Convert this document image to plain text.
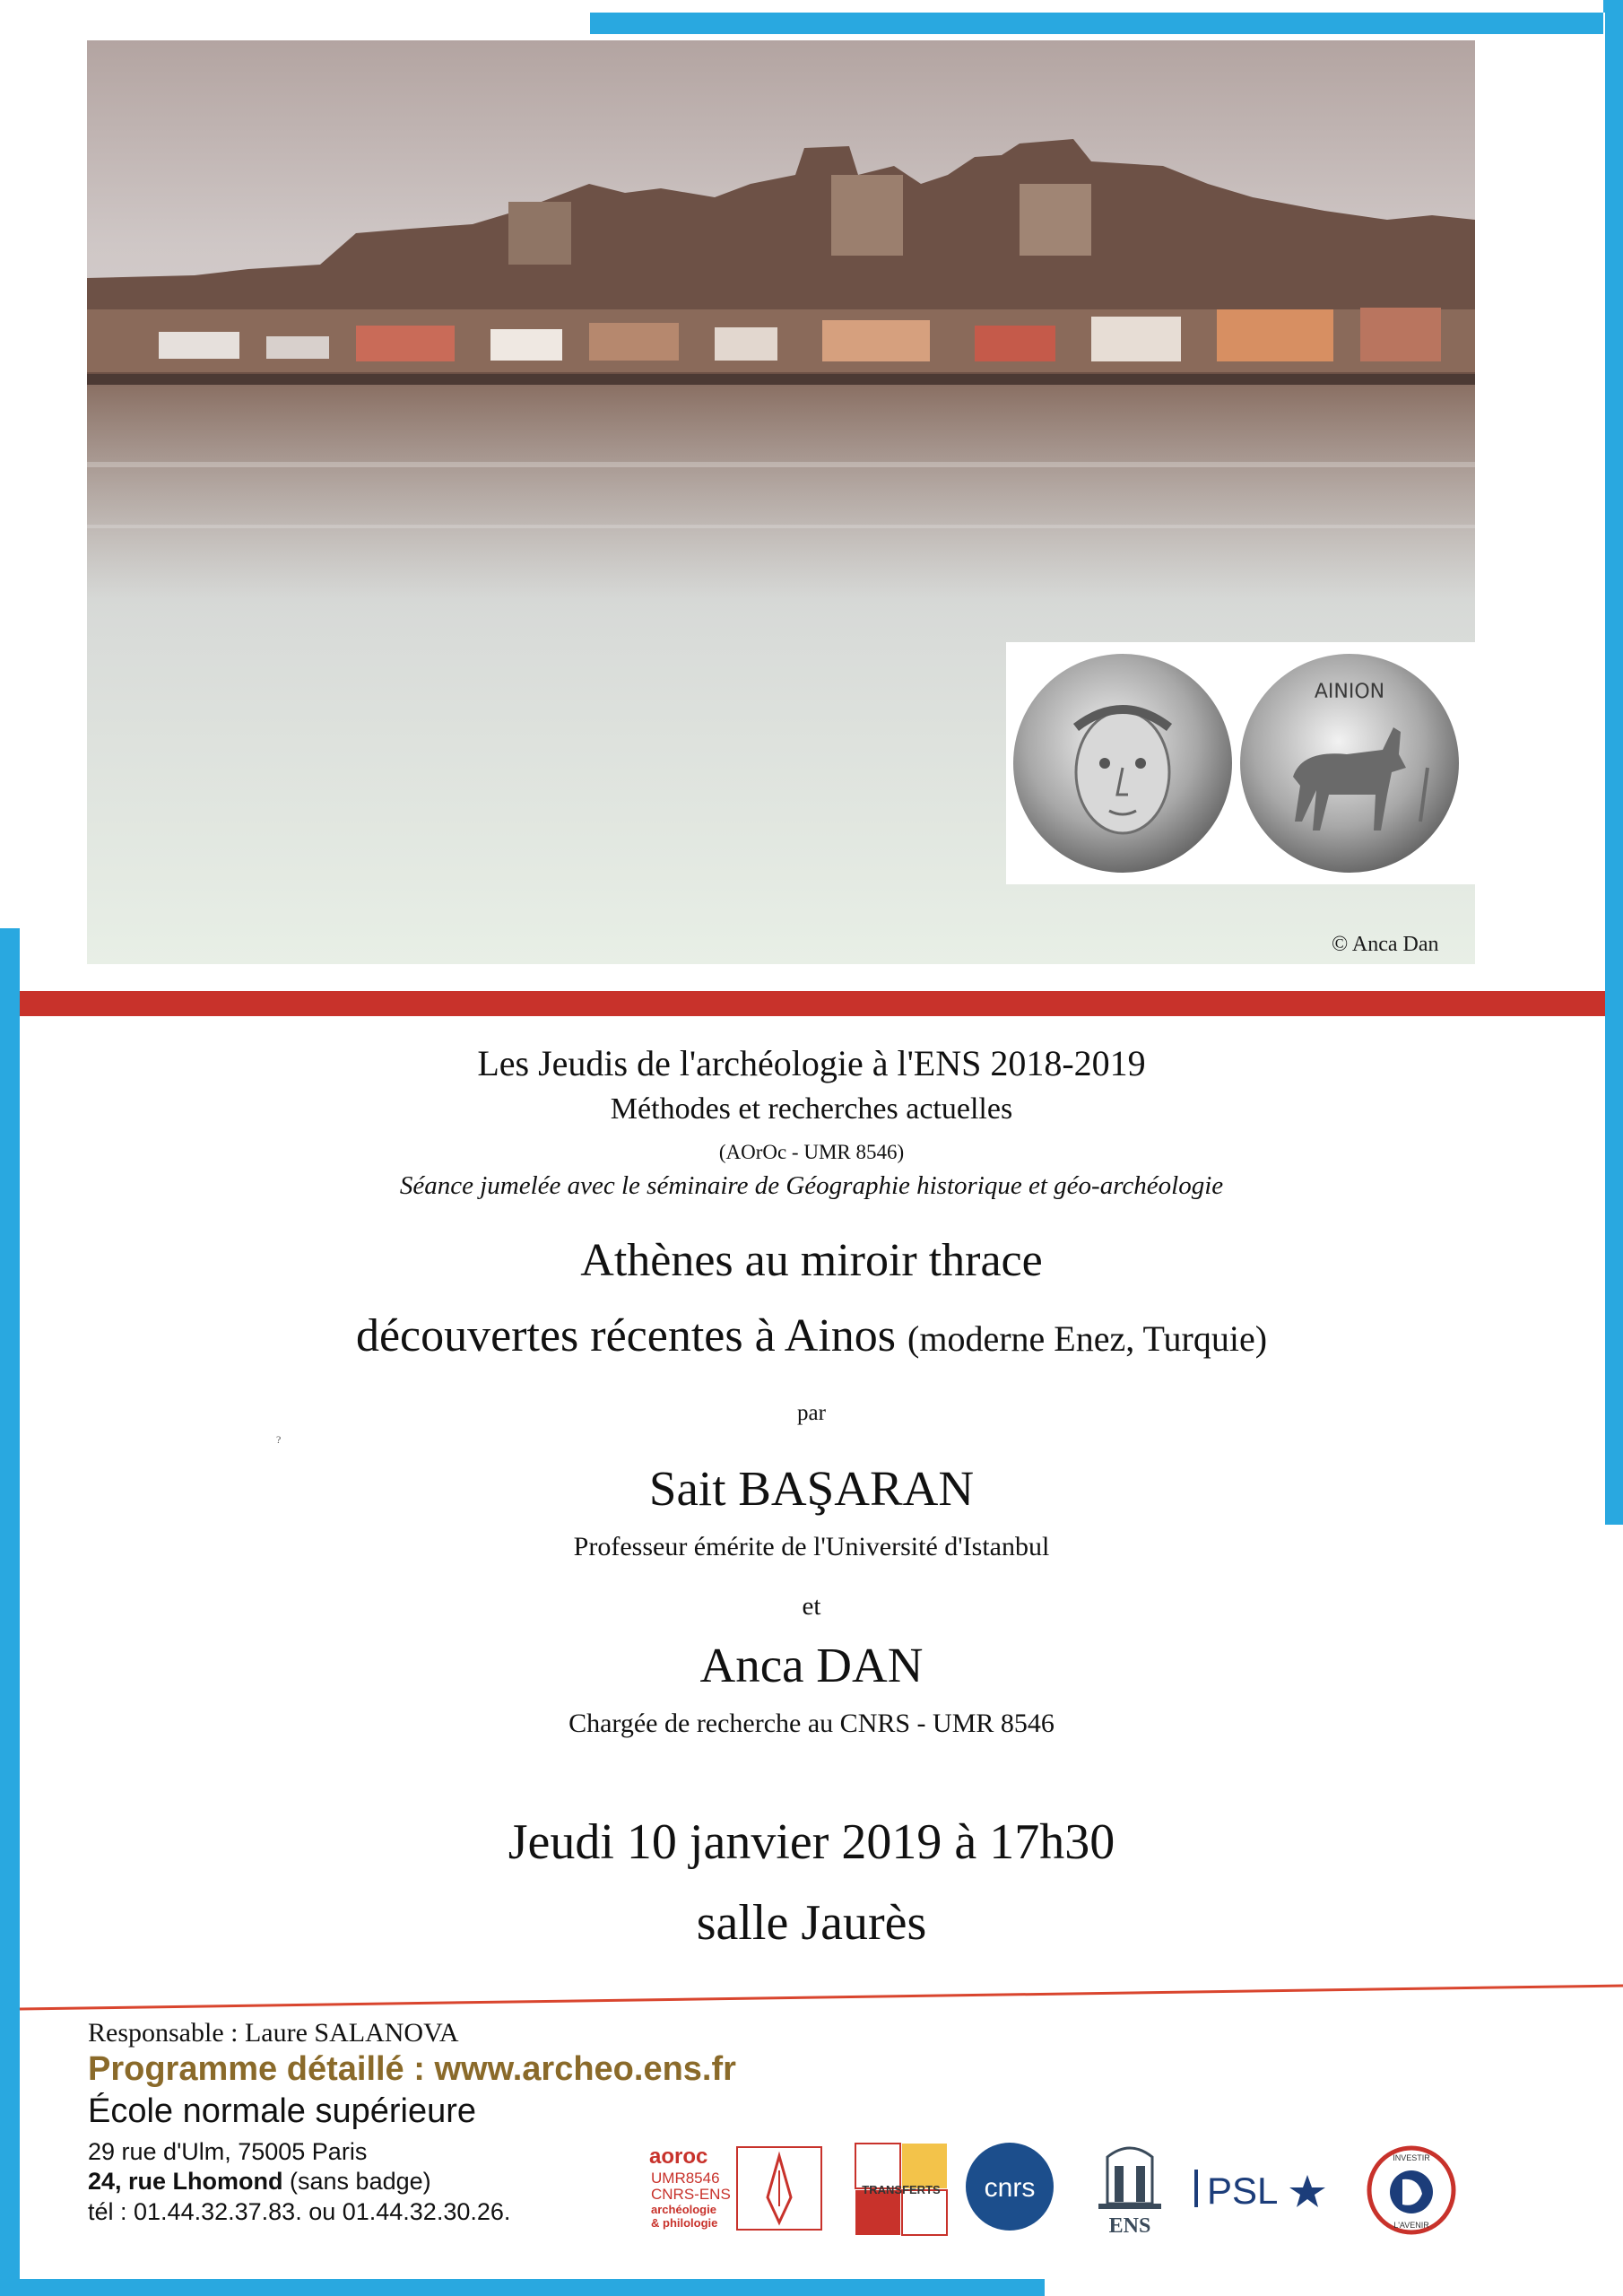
ΑΙΝΙΟΝ
© Anca Dan
Les Jeudis de l'archéologie à l'ENS 2018-2019
Méthodes et recherches actuelles
(AOrOc - UMR 8546)
Séance jumelée avec le séminaire de Géographie historique et géo-archéologie
Athènes au miroir thrace
découvertes récentes à Ainos (moderne Enez, Turquie)
par
?
Sait BAŞARAN
Professeur émérite de l'Université d'Istanbul
et
Anca DAN
Chargée de recherche au CNRS - UMR 8546
Jeudi 10 janvier 2019 à 17h30
salle Jaurès
Responsable : Laure SALANOVA
Programme détaillé : www.archeo.ens.fr
École normale supérieure
29 rue d'Ulm, 75005 Paris
24, rue Lhomond (sans badge)
tél : 01.44.32.37.83. ou 01.44.32.30.26.
aoroc
UMR8546
CNRS-ENS
archéologie
& philologie
TRANSFERTS cnrs
ENS
PSL
INVESTIR
L'AVENIR
